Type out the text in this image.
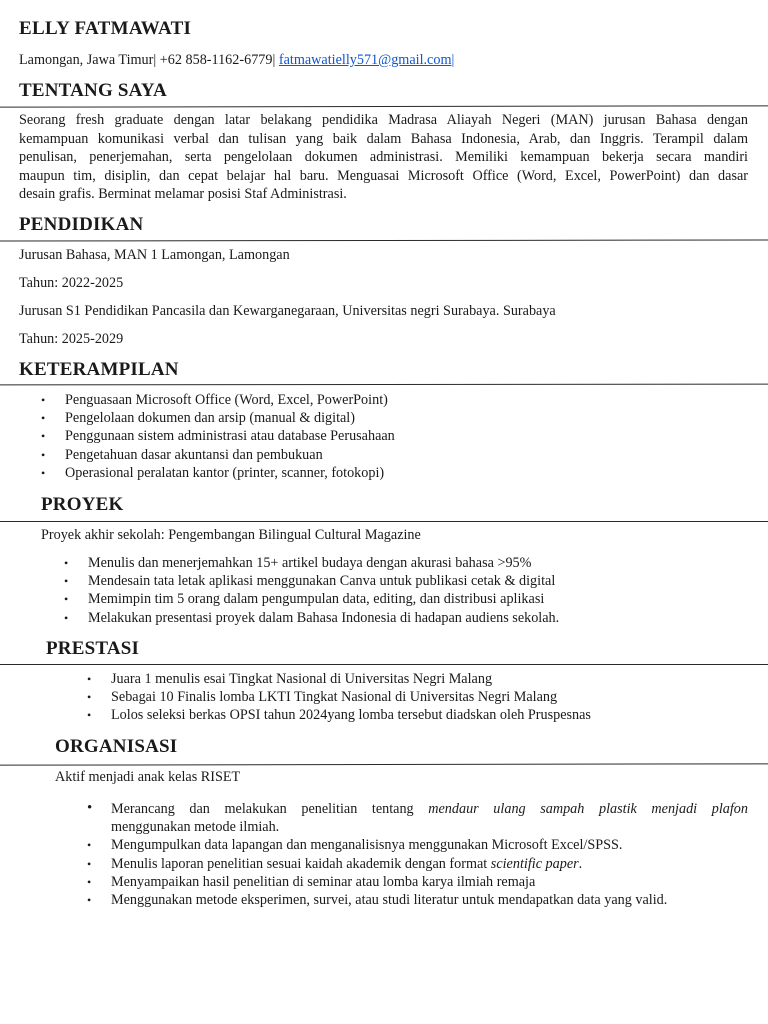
ELLY FATMAWATI
Lamongan, Jawa Timur| +62 858-1162-6779| fatmawatielly571@gmail.com|
TENTANG SAYA
Seorang fresh graduate dengan latar belakang pendidika Madrasa Aliayah Negeri (MAN) jurusan Bahasa dengan
kemampuan komunikasi verbal dan tulisan yang baik dalam Bahasa Indonesia, Arab, dan Inggris. Terampil dalam
penulisan, penerjemahan, serta pengelolaan dokumen administrasi. Memiliki kemampuan bekerja secara mandiri
maupun tim, disiplin, dan cepat belajar hal baru. Menguasai Microsoft Office (Word, Excel, PowerPoint) dan dasar
desain grafis. Berminat melamar posisi Staf Administrasi.
PENDIDIKAN
Jurusan Bahasa, MAN 1 Lamongan, Lamongan
Tahun: 2022-2025
Jurusan S1 Pendidikan Pancasila dan Kewarganegaraan, Universitas negri Surabaya. Surabaya
Tahun: 2025-2029
KETERAMPILAN
• Penguasaan Microsoft Office (Word, Excel, PowerPoint)
• Pengelolaan dokumen dan arsip (manual & digital)
• Penggunaan sistem administrasi atau database Perusahaan
• Pengetahuan dasar akuntansi dan pembukuan
• Operasional peralatan kantor (printer, scanner, fotokopi)
PROYEK
Proyek akhir sekolah: Pengembangan Bilingual Cultural Magazine
• Menulis dan menerjemahkan 15+ artikel budaya dengan akurasi bahasa >95%
• Mendesain tata letak aplikasi menggunakan Canva untuk publikasi cetak & digital
• Memimpin tim 5 orang dalam pengumpulan data, editing, dan distribusi aplikasi
• Melakukan presentasi proyek dalam Bahasa Indonesia di hadapan audiens sekolah.
PRESTASI
• Juara 1 menulis esai Tingkat Nasional di Universitas Negri Malang
• Sebagai 10 Finalis lomba LKTI Tingkat Nasional di Universitas Negri Malang
• Lolos seleksi berkas OPSI tahun 2024yang lomba tersebut diadskan oleh Pruspesnas
ORGANISASI
Aktif menjadi anak kelas RISET
• Merancang dan melakukan penelitian tentang mendaur ulang sampah plastik menjadi plafon
menggunakan metode ilmiah.
• Mengumpulkan data lapangan dan menganalisisnya menggunakan Microsoft Excel/SPSS.
• Menulis laporan penelitian sesuai kaidah akademik dengan format scientific paper.
• Menyampaikan hasil penelitian di seminar atau lomba karya ilmiah remaja
• Menggunakan metode eksperimen, survei, atau studi literatur untuk mendapatkan data yang valid.
